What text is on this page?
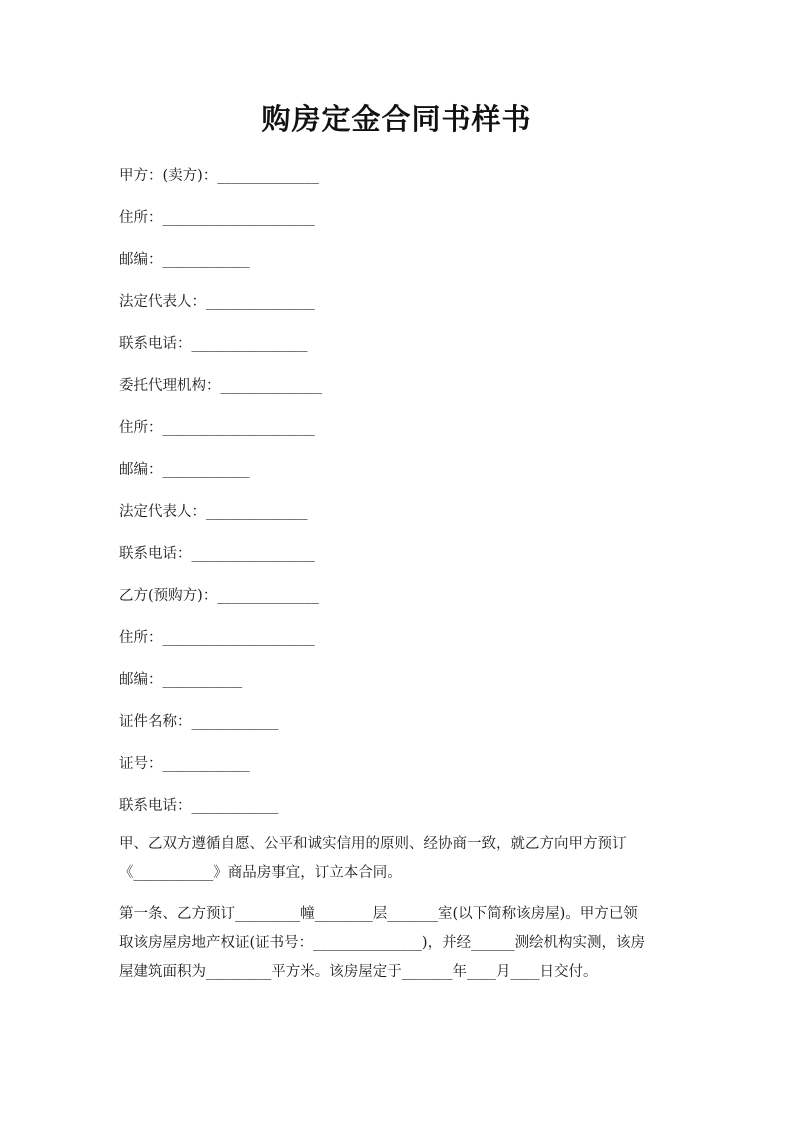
购房定金合同书样书
甲方：(卖方)：______________
住所：_____________________
邮编：____________
法定代表人：_______________
联系电话：________________
委托代理机构：______________
住所：_____________________
邮编：____________
法定代表人：______________
联系电话：_________________
乙方(预购方)：______________
住所：_____________________
邮编：___________
证件名称：____________
证号：____________
联系电话：____________
甲、乙双方遵循自愿、公平和诚实信用的原则、经协商一致，就乙方向甲方预订
《___________》商品房事宜，订立本合同。
第一条、乙方预订_________幢________层_______室(以下简称该房屋)。甲方已领
取该房屋房地产权证(证书号：_______________)，并经______测绘机构实测，该房
屋建筑面积为_________平方米。该房屋定于_______年____月____日交付。
